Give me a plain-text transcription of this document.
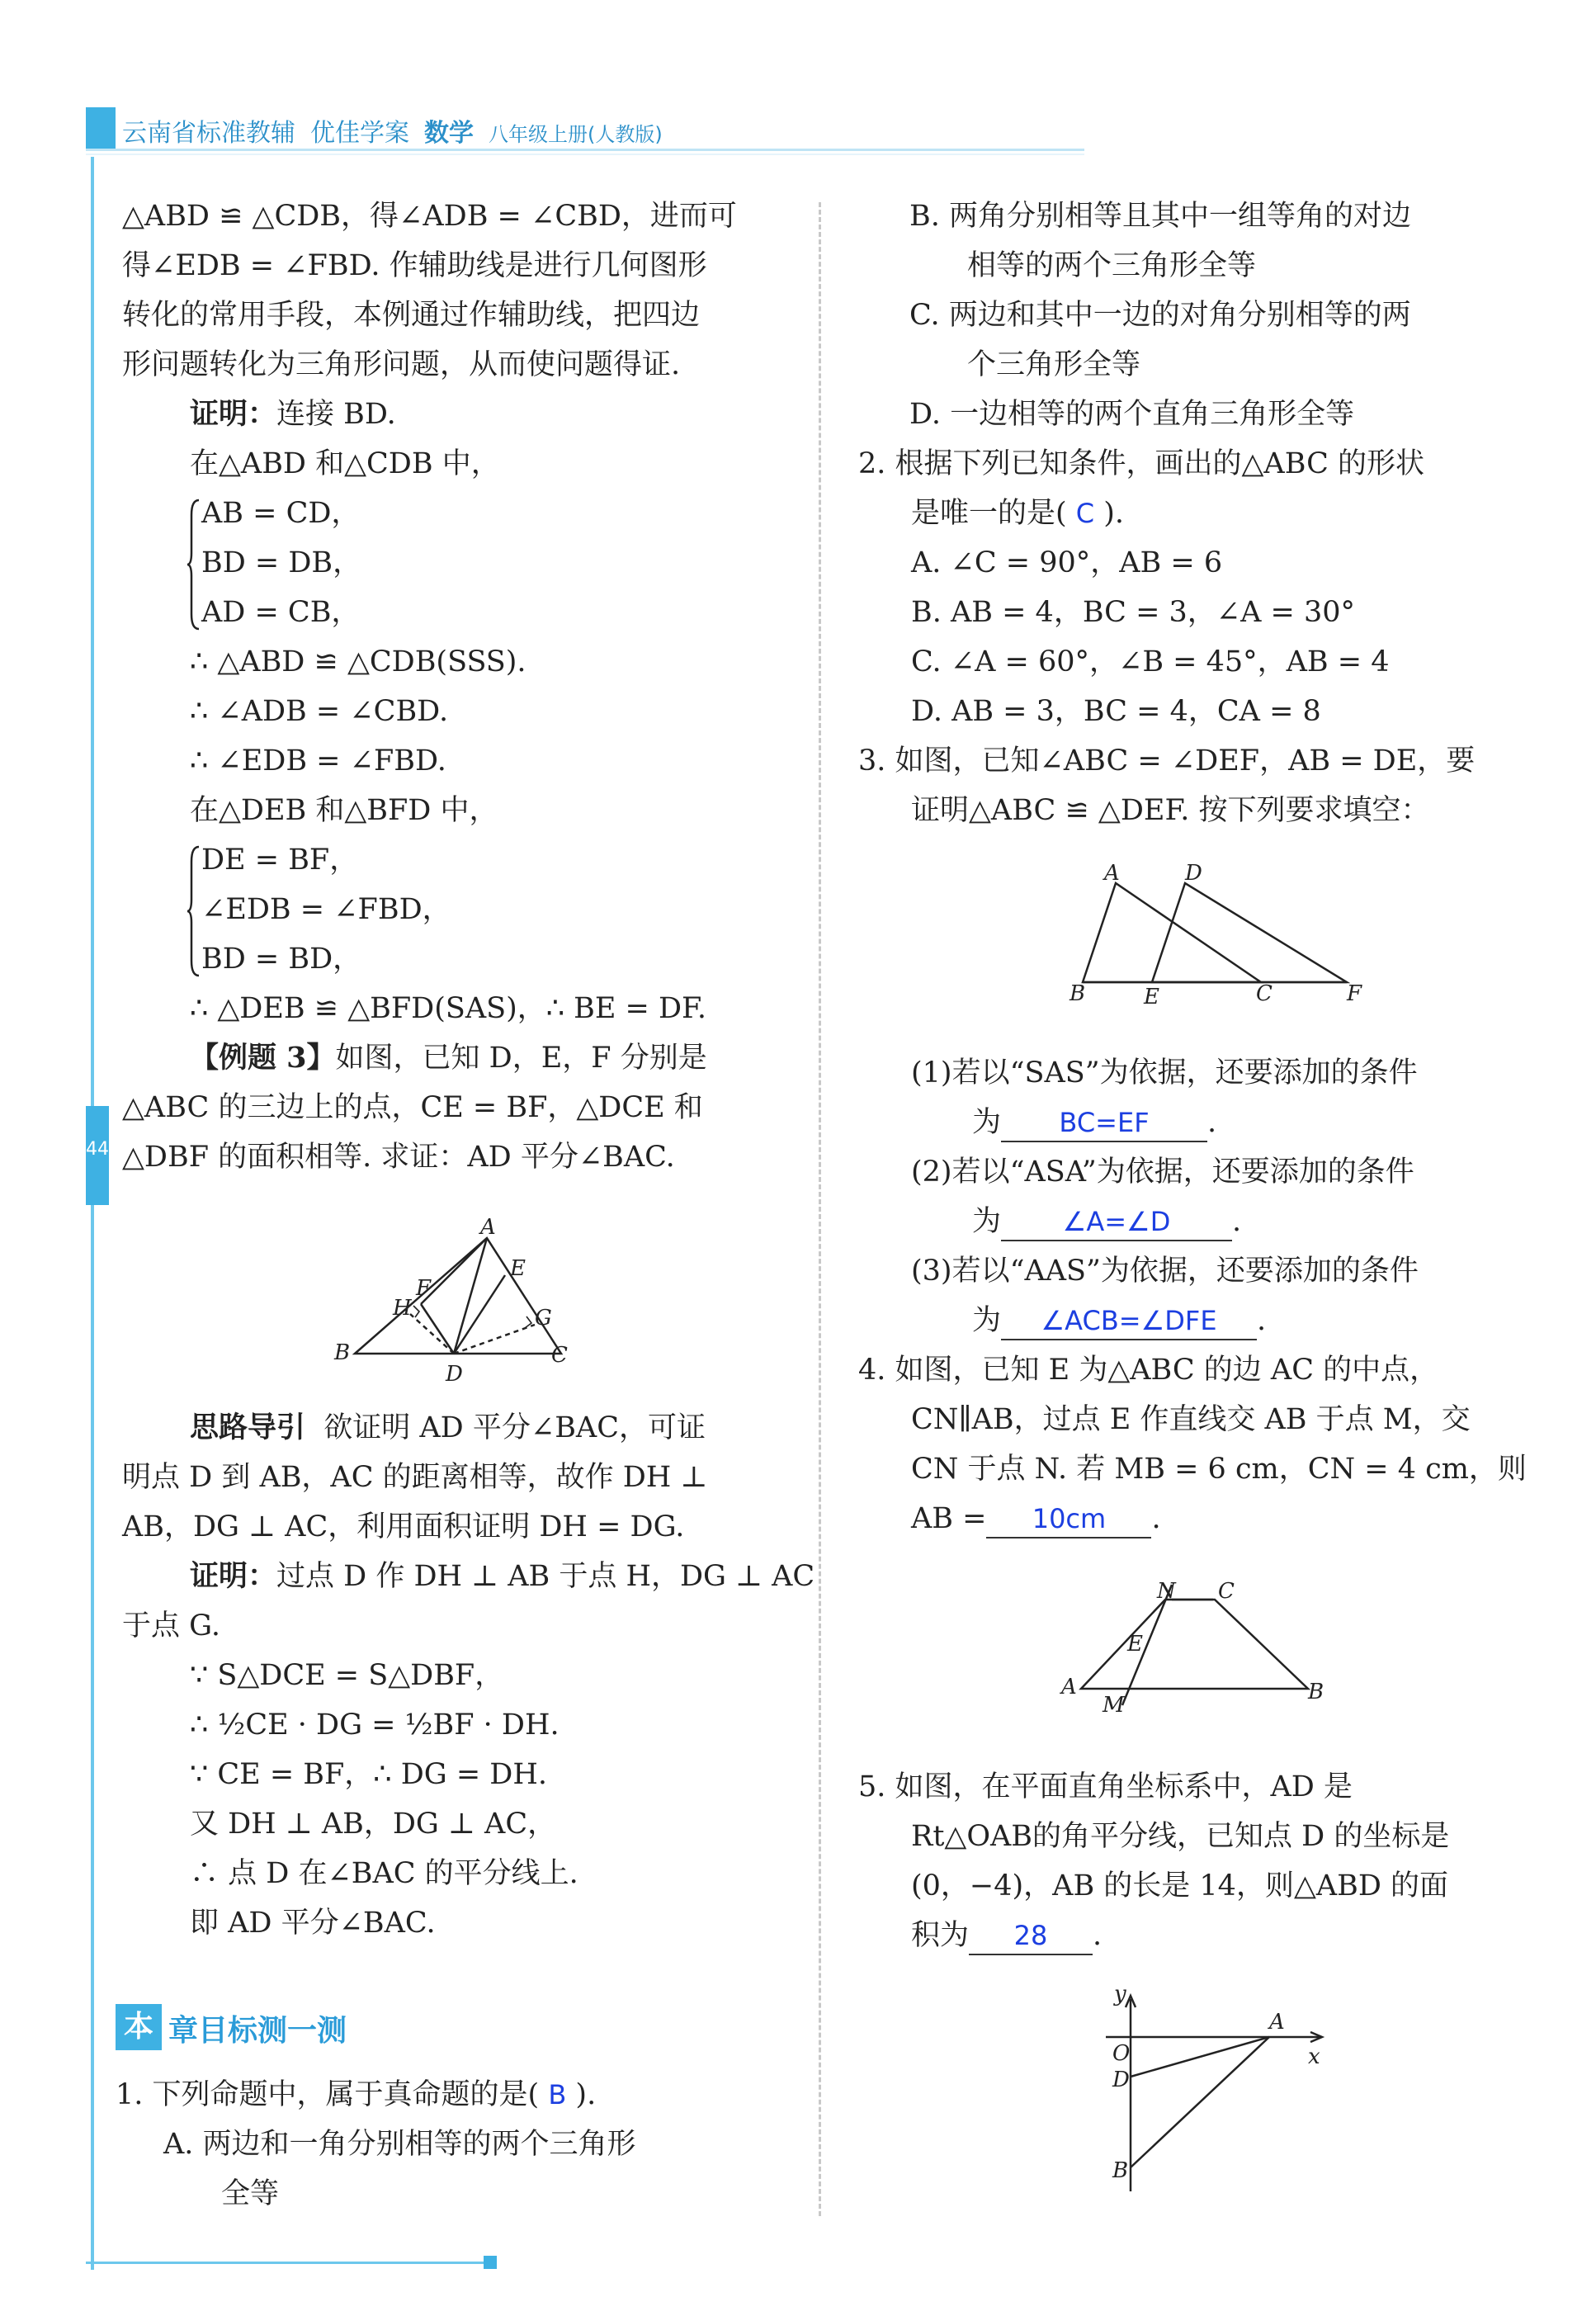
云南省标准教辅 优佳学案 数学 八年级上册(人教版)
44

△ABD ≌ △CDB，得∠ADB = ∠CBD，进而可

得∠EDB = ∠FBD. 作辅助线是进行几何图形

转化的常用手段，本例通过作辅助线，把四边

形问题转化为三角形问题，从而使问题得证.

证明：连接 BD.

在△ABD 和△CDB 中，

AB = CD，

BD = DB，

AD = CB，

∴ △ABD ≌ △CDB(SSS).

∴ ∠ADB = ∠CBD.

∴ ∠EDB = ∠FBD.

在△DEB 和△BFD 中，

DE = BF，

∠EDB = ∠FBD，

BD = BD，

∴ △DEB ≌ △BFD(SAS)，∴ BE = DF.

【例题 3】如图，已知 D，E，F 分别是

△ABC 的三边上的点，CE = BF，△DCE 和

△DBF 的面积相等. 求证：AD 平分∠BAC.

A
F
E
H	G
B
D
C

思路导引 欲证明 AD 平分∠BAC，可证

明点 D 到 AB，AC 的距离相等，故作 DH ⊥

AB，DG ⊥ AC，利用面积证明 DH = DG.

证明：过点 D 作 DH ⊥ AB 于点 H，DG ⊥ AC

于点 G.

∵ S△DCE = S△DBF，

∴ ½CE · DG = ½BF · DH.

∵ CE = BF，∴ DG = DH.

又 DH ⊥ AB，DG ⊥ AC，

∴ 点 D 在∠BAC 的平分线上.

即 AD 平分∠BAC.

本 章目标测一测

1. 下列命题中，属于真命题的是( B ).

A. 两边和一角分别相等的两个三角形

全等

B. 两角分别相等且其中一组等角的对边

相等的两个三角形全等

C. 两边和其中一边的对角分别相等的两

个三角形全等

D. 一边相等的两个直角三角形全等

2. 根据下列已知条件，画出的△ABC 的形状

是唯一的是( C ).

A. ∠C = 90°，AB = 6

B. AB = 4，BC = 3，∠A = 30°

C. ∠A = 60°，∠B = 45°，AB = 4

D. AB = 3，BC = 4，CA = 8

3. 如图，已知∠ABC = ∠DEF，AB = DE，要

证明△ABC ≌ △DEF. 按下列要求填空：

A	D
B	E	C	F

(1)若以“SAS”为依据，还要添加的条件

为 BC=EF .

(2)若以“ASA”为依据，还要添加的条件

为 ∠A=∠D .

(3)若以“AAS”为依据，还要添加的条件

为 ∠ACB=∠DFE .

4. 如图，已知 E 为△ABC 的边 AC 的中点，

CN∥AB，过点 E 作直线交 AB 于点 M，交

CN 于点 N. 若 MB = 6 cm，CN = 4 cm，则

AB = 10cm .

N C
E
A
M
B

5. 如图，在平面直角坐标系中，AD 是

Rt△OAB的角平分线，已知点 D 的坐标是

(0，−4)，AB 的长是 14，则△ABD 的面

积为 28 .

y
O
A
x
D
B
